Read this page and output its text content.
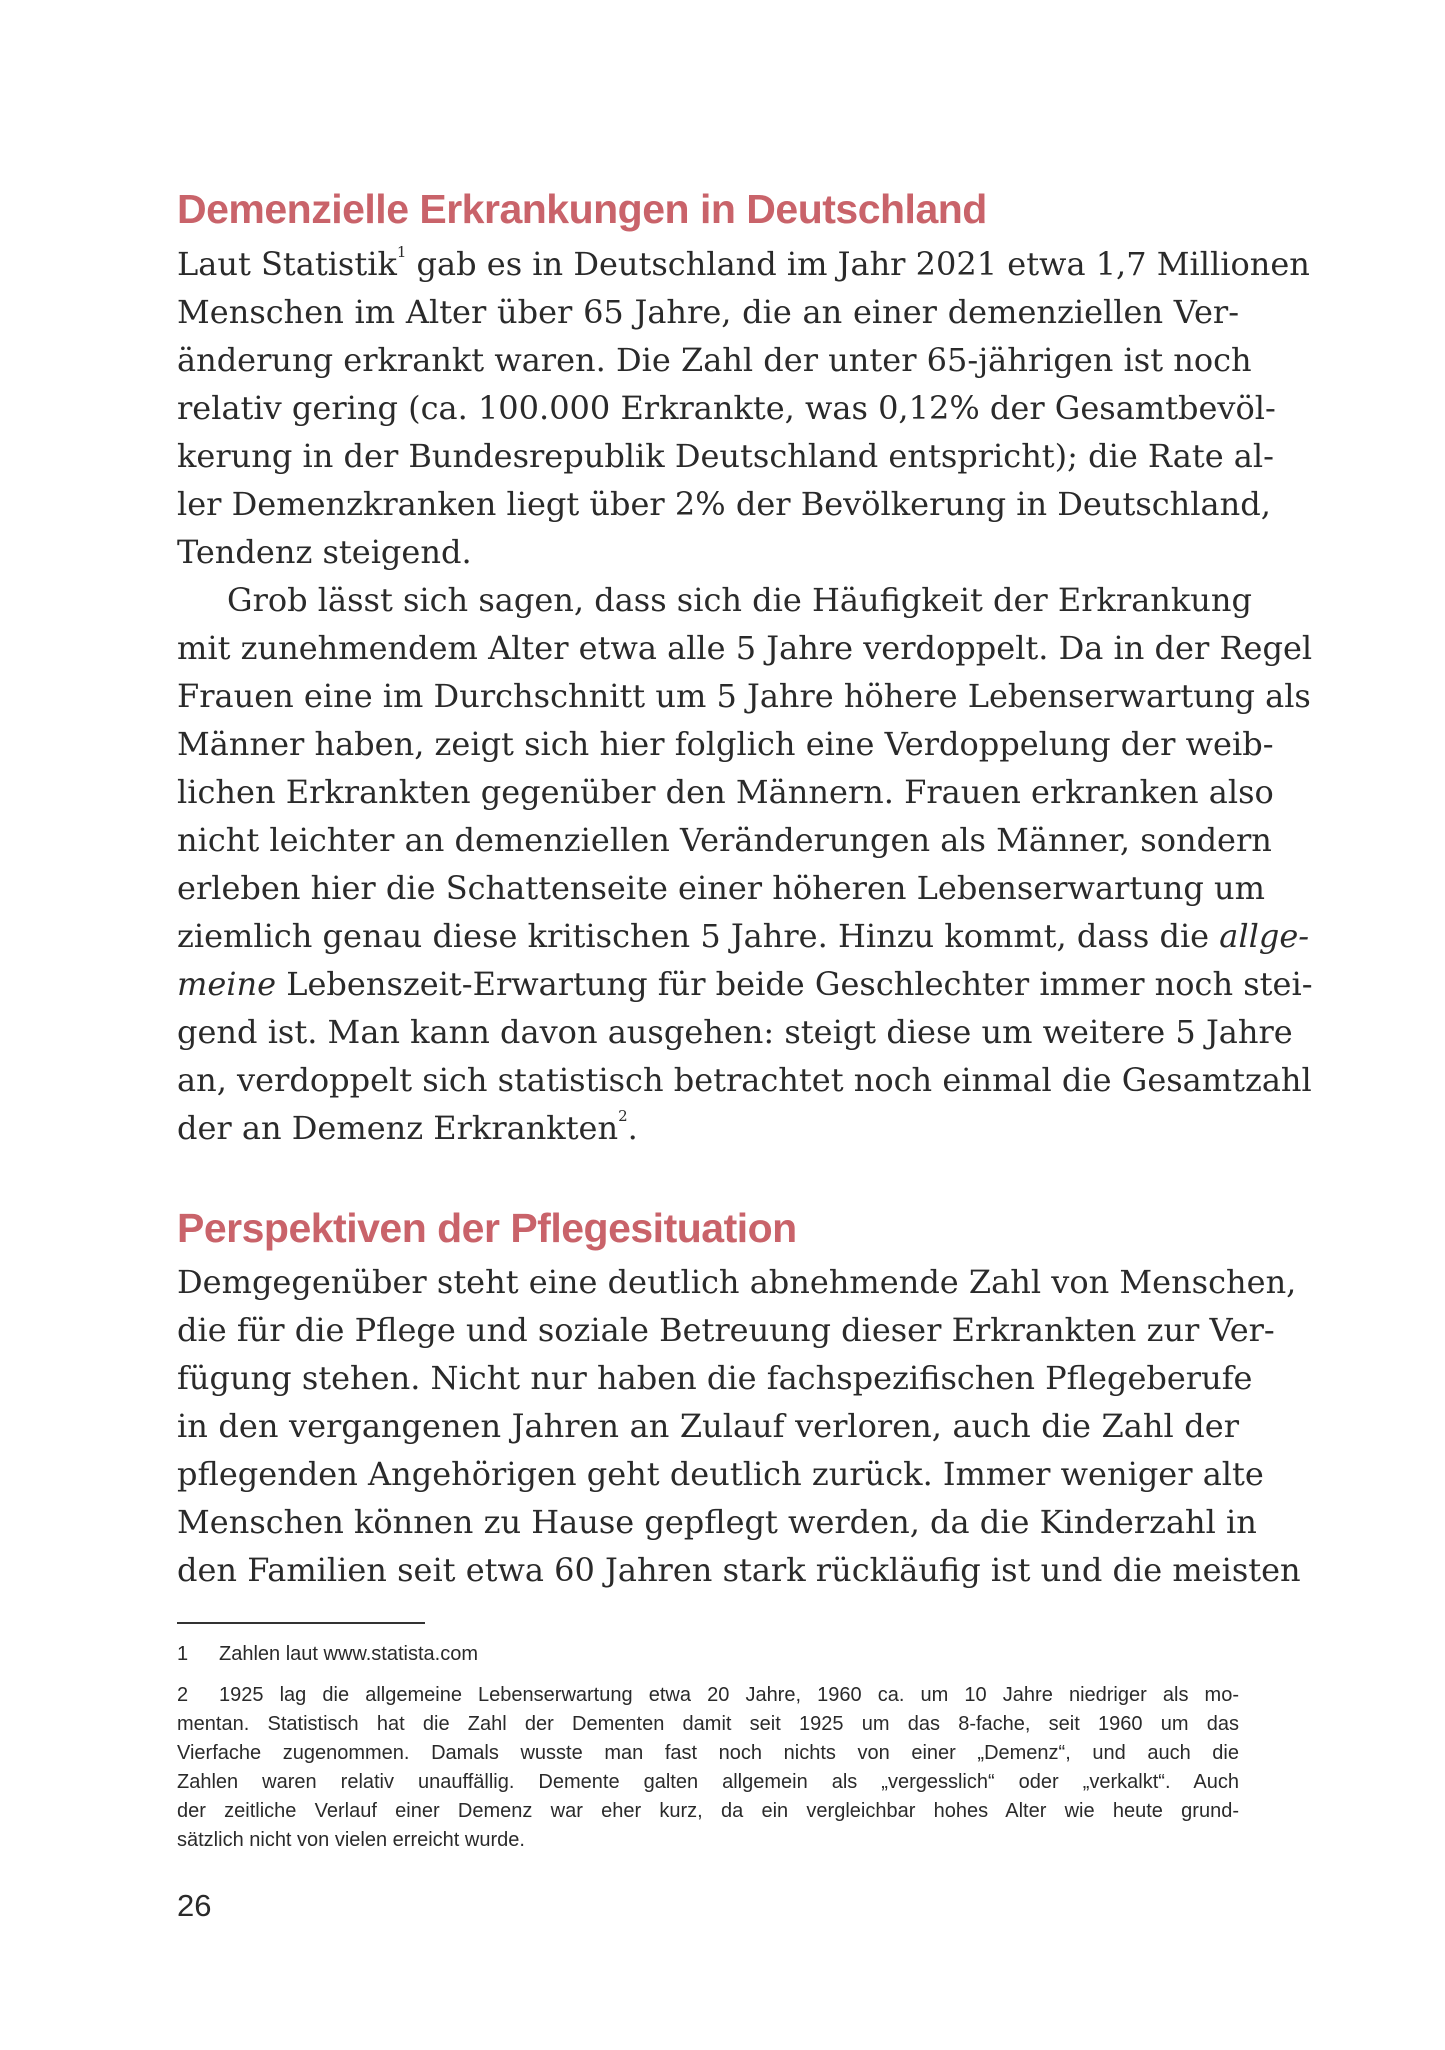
Demenzielle Erkrankungen in Deutschland
Laut Statistik$^1$ gab es in Deutschland im Jahr 2021 etwa 1,7 Millionen
Menschen im Alter über 65 Jahre, die an einer demenziellen Ver-
änderung erkrankt waren. Die Zahl der unter 65-jährigen ist noch
relativ gering (ca. 100.000 Erkrankte, was 0,12% der Gesamtbevöl-
kerung in der Bundesrepublik Deutschland entspricht); die Rate al-
ler Demenzkranken liegt über 2% der Bevölkerung in Deutschland,
Tendenz steigend.
Grob lässt sich sagen, dass sich die Häufigkeit der Erkrankung
mit zunehmendem Alter etwa alle 5 Jahre verdoppelt. Da in der Regel
Frauen eine im Durchschnitt um 5 Jahre höhere Lebenserwartung als
Männer haben, zeigt sich hier folglich eine Verdoppelung der weib-
lichen Erkrankten gegenüber den Männern. Frauen erkranken also
nicht leichter an demenziellen Veränderungen als Männer, sondern
erleben hier die Schattenseite einer höheren Lebenserwartung um
ziemlich genau diese kritischen 5 Jahre. Hinzu kommt, dass die allge-
meine Lebenszeit-Erwartung für beide Geschlechter immer noch stei-
gend ist. Man kann davon ausgehen: steigt diese um weitere 5 Jahre
an, verdoppelt sich statistisch betrachtet noch einmal die Gesamtzahl
der an Demenz Erkrankten$^2$.
Perspektiven der Pflegesituation
Demgegenüber steht eine deutlich abnehmende Zahl von Menschen,
die für die Pflege und soziale Betreuung dieser Erkrankten zur Ver-
fügung stehen. Nicht nur haben die fachspezifischen Pflegeberufe
in den vergangenen Jahren an Zulauf verloren, auch die Zahl der
pflegenden Angehörigen geht deutlich zurück. Immer weniger alte
Menschen können zu Hause gepflegt werden, da die Kinderzahl in
den Familien seit etwa 60 Jahren stark rückläufig ist und die meisten
1 Zahlen laut www.statista.com
2 1925 lag die allgemeine Lebenserwartung etwa 20 Jahre, 1960 ca. um 10 Jahre niedriger als mo-
mentan. Statistisch hat die Zahl der Dementen damit seit 1925 um das 8-fache, seit 1960 um das
Vierfache zugenommen. Damals wusste man fast noch nichts von einer „Demenz“, und auch die
Zahlen waren relativ unauffällig. Demente galten allgemein als „vergesslich“ oder „verkalkt“. Auch
der zeitliche Verlauf einer Demenz war eher kurz, da ein vergleichbar hohes Alter wie heute grund-
sätzlich nicht von vielen erreicht wurde.
26
